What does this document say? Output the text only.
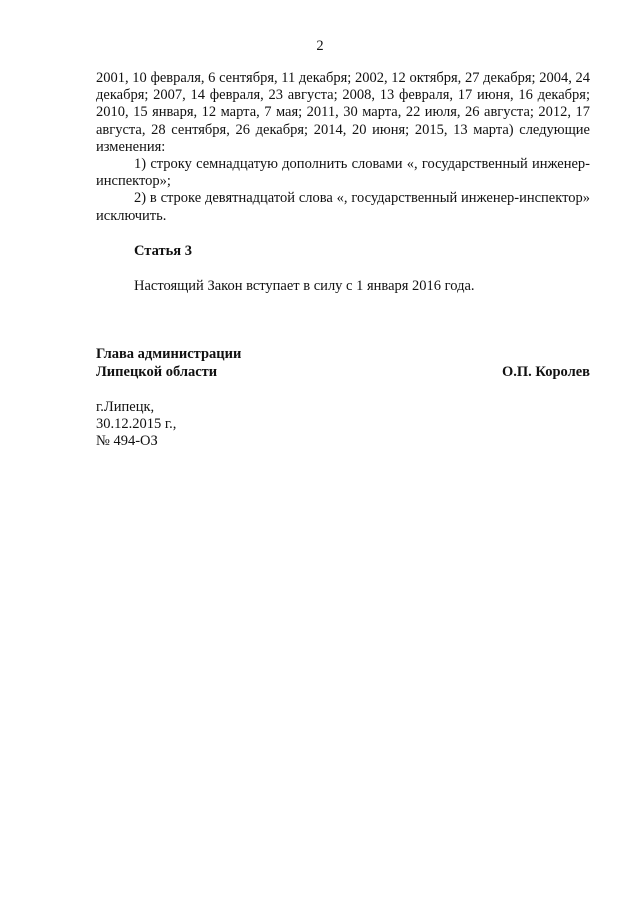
2

2001, 10 февраля, 6 сентября, 11 декабря; 2002, 12 октября, 27 декабря; 2004, 24 декабря; 2007, 14 февраля, 23 августа; 2008, 13 февраля, 17 июня, 16 декабря; 2010, 15 января, 12 марта, 7 мая; 2011, 30 марта, 22 июля, 26 августа; 2012, 17 августа, 28 сентября, 26 декабря; 2014, 20 июня; 2015, 13 марта) следующие изменения:

1) строку семнадцатую дополнить словами «, государственный инженер-инспектор»;

2) в строке девятнадцатой слова «, государственный инженер-инспектор» исключить.

Статья 3
Настоящий Закон вступает в силу с 1 января 2016 года.
Глава администрации
Липецкой области	О.П. Королев
г.Липецк,
30.12.2015 г.,
№ 494-ОЗ
